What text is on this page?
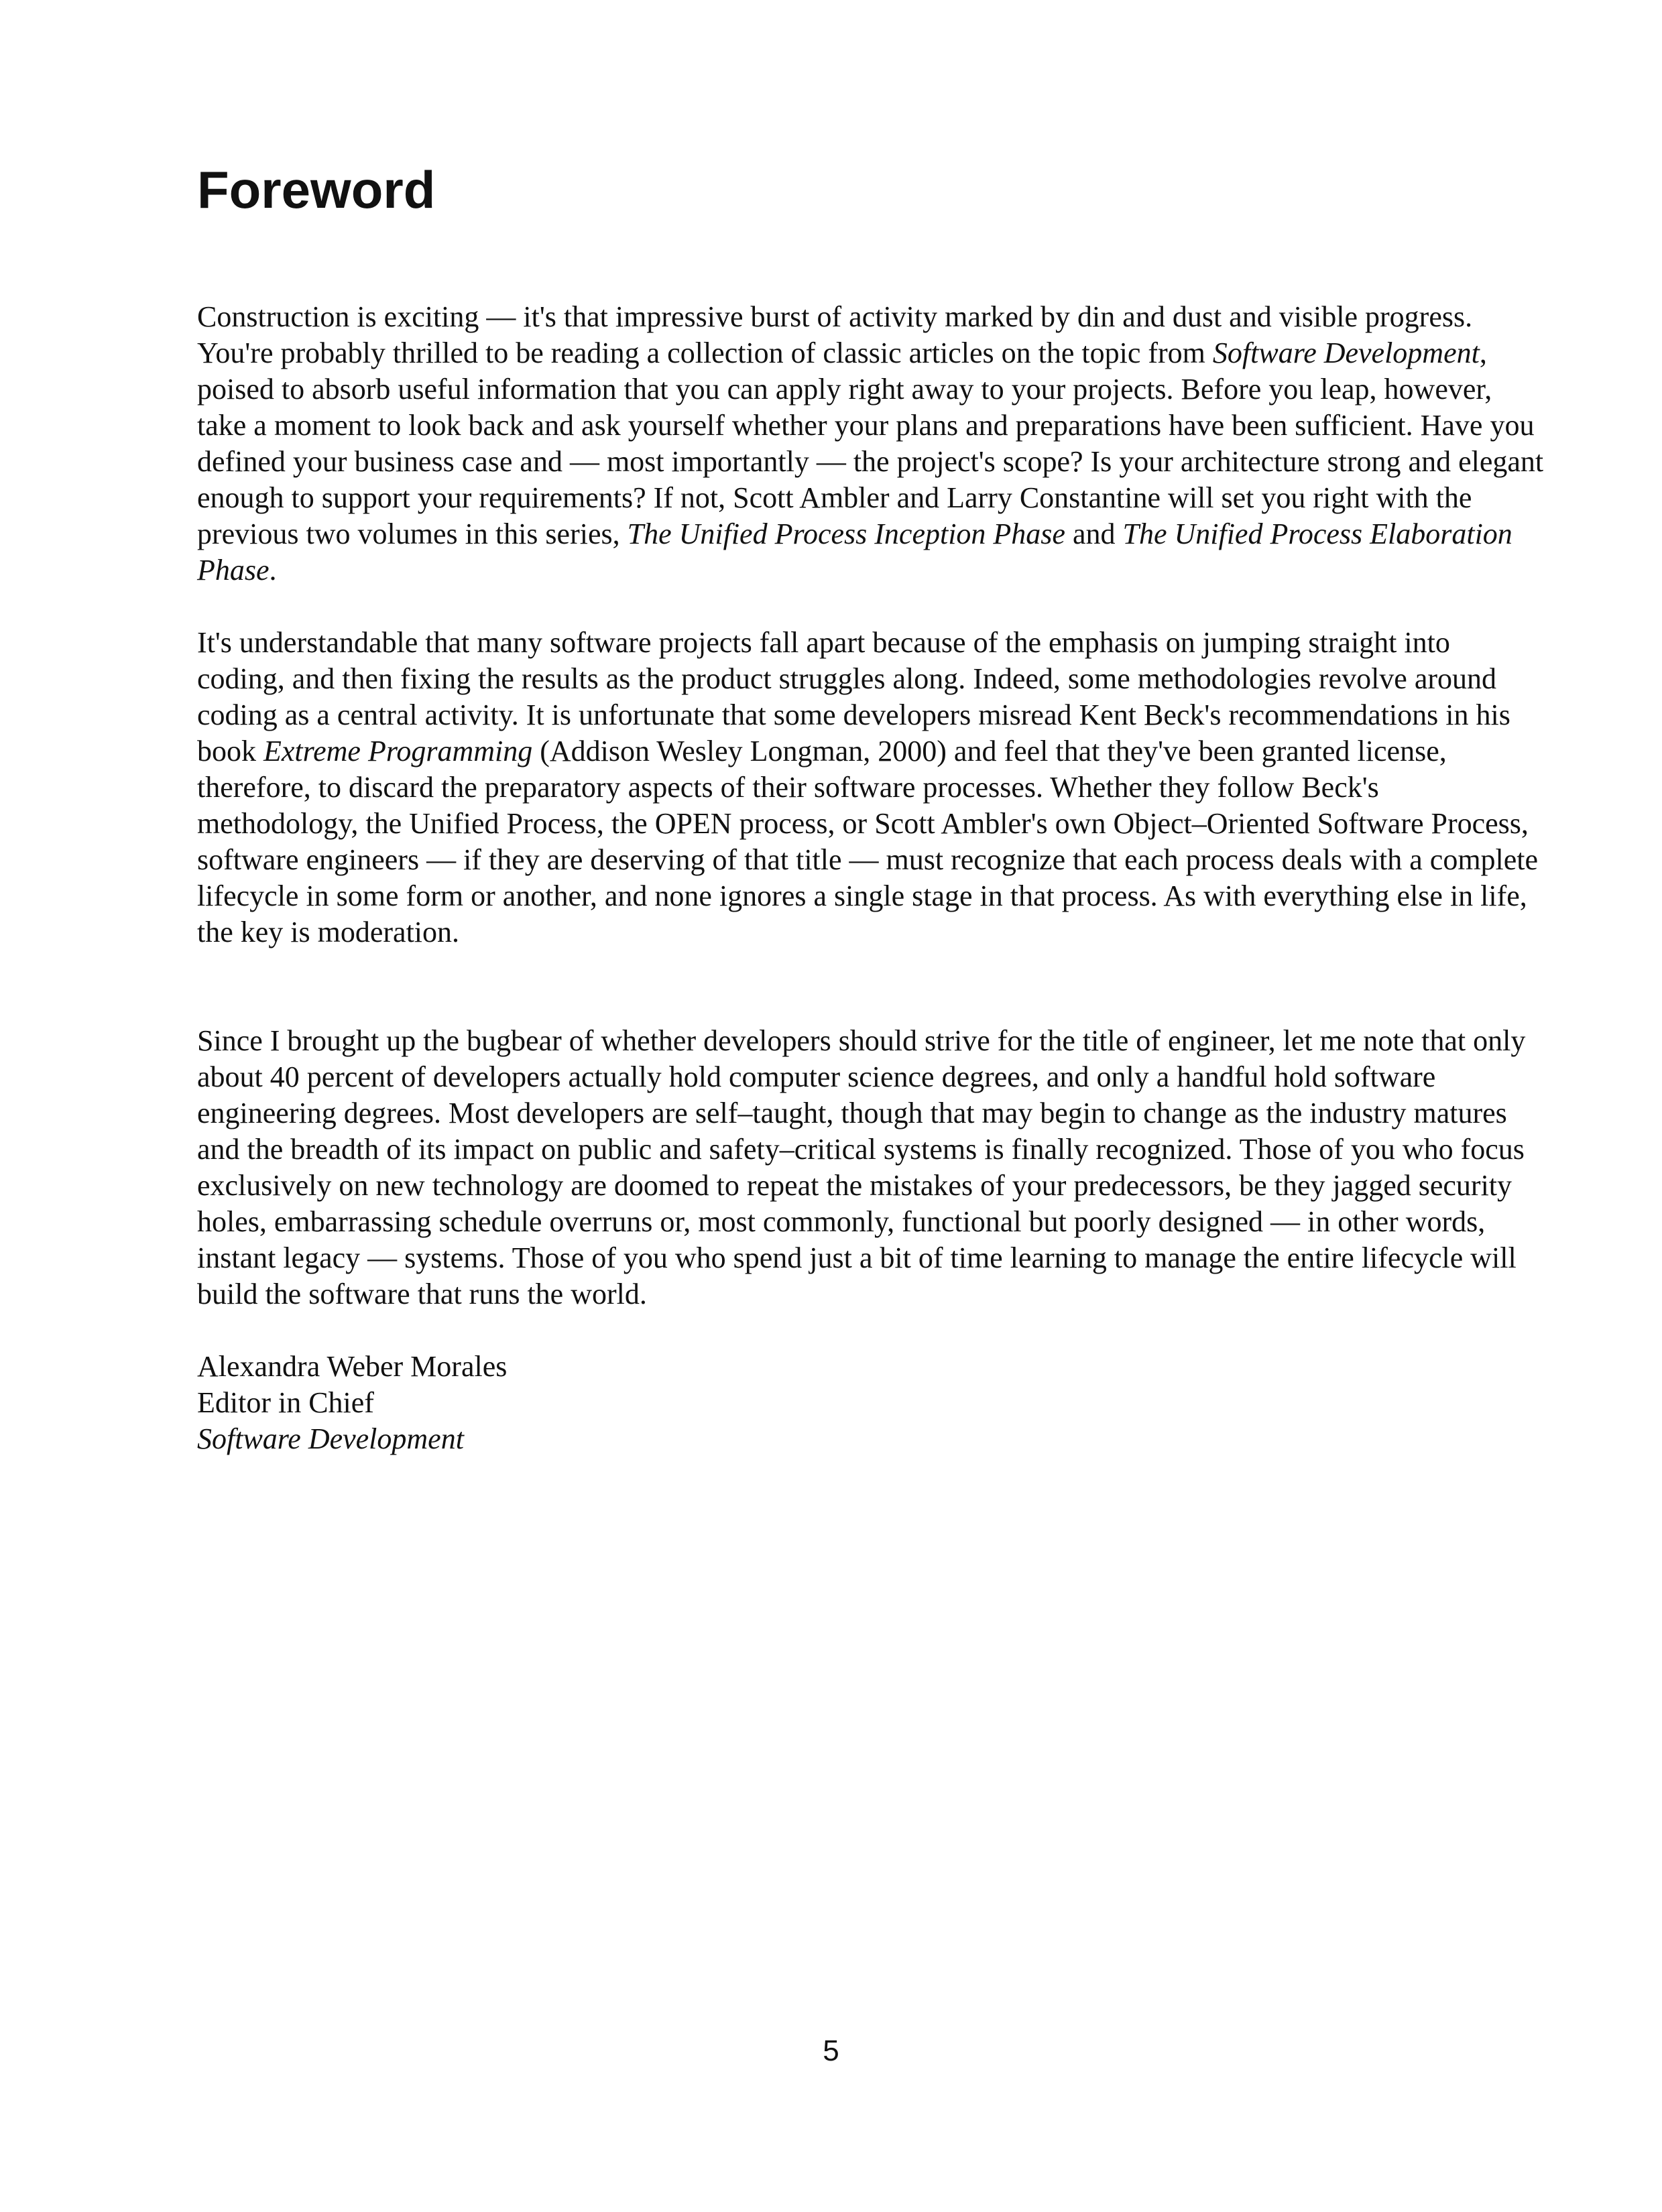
Foreword

Construction is exciting — it's that impressive burst of activity marked by din and dust and visible progress. You're probably thrilled to be reading a collection of classic articles on the topic from Software Development, poised to absorb useful information that you can apply right away to your projects. Before you leap, however, take a moment to look back and ask yourself whether your plans and preparations have been sufficient. Have you defined your business case and — most importantly — the project's scope? Is your architecture strong and elegant enough to support your requirements? If not, Scott Ambler and Larry Constantine will set you right with the previous two volumes in this series, The Unified Process Inception Phase and The Unified Process Elaboration Phase.

It's understandable that many software projects fall apart because of the emphasis on jumping straight into coding, and then fixing the results as the product struggles along. Indeed, some methodologies revolve around coding as a central activity. It is unfortunate that some developers misread Kent Beck's recommendations in his book Extreme Programming (Addison Wesley Longman, 2000) and feel that they've been granted license, therefore, to discard the preparatory aspects of their software processes. Whether they follow Beck's methodology, the Unified Process, the OPEN process, or Scott Ambler's own Object–Oriented Software Process, software engineers — if they are deserving of that title — must recognize that each process deals with a complete lifecycle in some form or another, and none ignores a single stage in that process. As with everything else in life, the key is moderation.

Since I brought up the bugbear of whether developers should strive for the title of engineer, let me note that only about 40 percent of developers actually hold computer science degrees, and only a handful hold software engineering degrees. Most developers are self–taught, though that may begin to change as the industry matures and the breadth of its impact on public and safety–critical systems is finally recognized. Those of you who focus exclusively on new technology are doomed to repeat the mistakes of your predecessors, be they jagged security holes, embarrassing schedule overruns or, most commonly, functional but poorly designed — in other words, instant legacy — systems. Those of you who spend just a bit of time learning to manage the entire lifecycle will build the software that runs the world.

Alexandra Weber Morales
Editor in Chief
Software Development

5
